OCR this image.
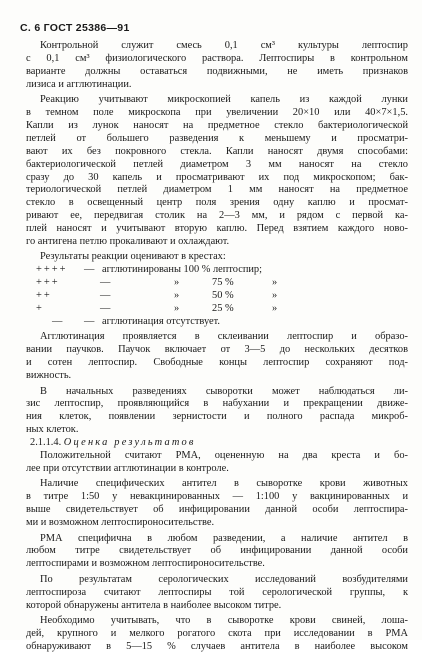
С. 6 ГОСТ 25386—91
Контрольной служит смесь 0,1 см³ культуры лептоспир
с 0,1 см³ физиологического раствора. Лептоспиры в контрольном
варианте должны оставаться подвижными, не иметь признаков
лизиса и агглютинации.
Реакцию учитывают микроскопией капель из каждой лунки
в темном поле микроскопа при увеличении 20×10 или 40×7×1,5.
Капли из лунок наносят на предметное стекло бактериологической
петлей от большего разведения к меньшему и просматри-
вают их без покровного стекла. Капли наносят двумя способами:
бактериологической петлей диаметром 3 мм наносят на стекло
сразу до 30 капель и просматривают их под микроскопом; бак-
териологической петлей диаметром 1 мм наносят на предметное
стекло в освещенный центр поля зрения одну каплю и просмат-
ривают ее, передвигая столик на 2—3 мм, и рядом с первой ка-
плей наносят и учитывают вторую каплю. Перед взятием каждого ново-
го антигена петлю прокаливают и охлаждают.
Результаты реакции оценивают в крестах:
++++ — агглютинированы 100 % лептоспир;
+++	—	»	75 %	»
++	—	»	50 %	»
+	—	»	25 %	»
— — агглютинация отсутствует.
Агглютинация проявляется в склеивании лептоспир и образо-
вании паучков. Паучок включает от 3—5 до нескольких десятков
и сотен лептоспир. Свободные концы лептоспир сохраняют под-
вижность.
В начальных разведениях сыворотки может наблюдаться ли-
зис лептоспир, проявляющийся в набухании и прекращении движе-
ния клеток, появлении зернистости и полного распада микроб-
ных клеток.
2.1.1.4. Оценка результатов
Положительной считают РМА, оцененную на два креста и бо-
лее при отсутствии агглютинации в контроле.
Наличие специфических антител в сыворотке крови животных
в титре 1:50 у невакцинированных — 1:100 у вакцинированных и
выше свидетельствует об инфицировании данной особи лептоспира-
ми и возможном лептоспироносительстве.
РМА специфична в любом разведении, а наличие антител в
любом титре свидетельствует об инфицировании данной особи
лептоспирами и возможном лептоспироносительстве.
По результатам серологических исследований возбудителями
лептоспироза считают лептоспиры той серологической группы, к
которой обнаружены антитела в наиболее высоком титре.
Необходимо учитывать, что в сыворотке крови свиней, лоша-
дей, крупного и мелкого рогатого скота при исследовании в РМА
обнаруживают в 5—15 % случаев антитела в наиболее высоком
